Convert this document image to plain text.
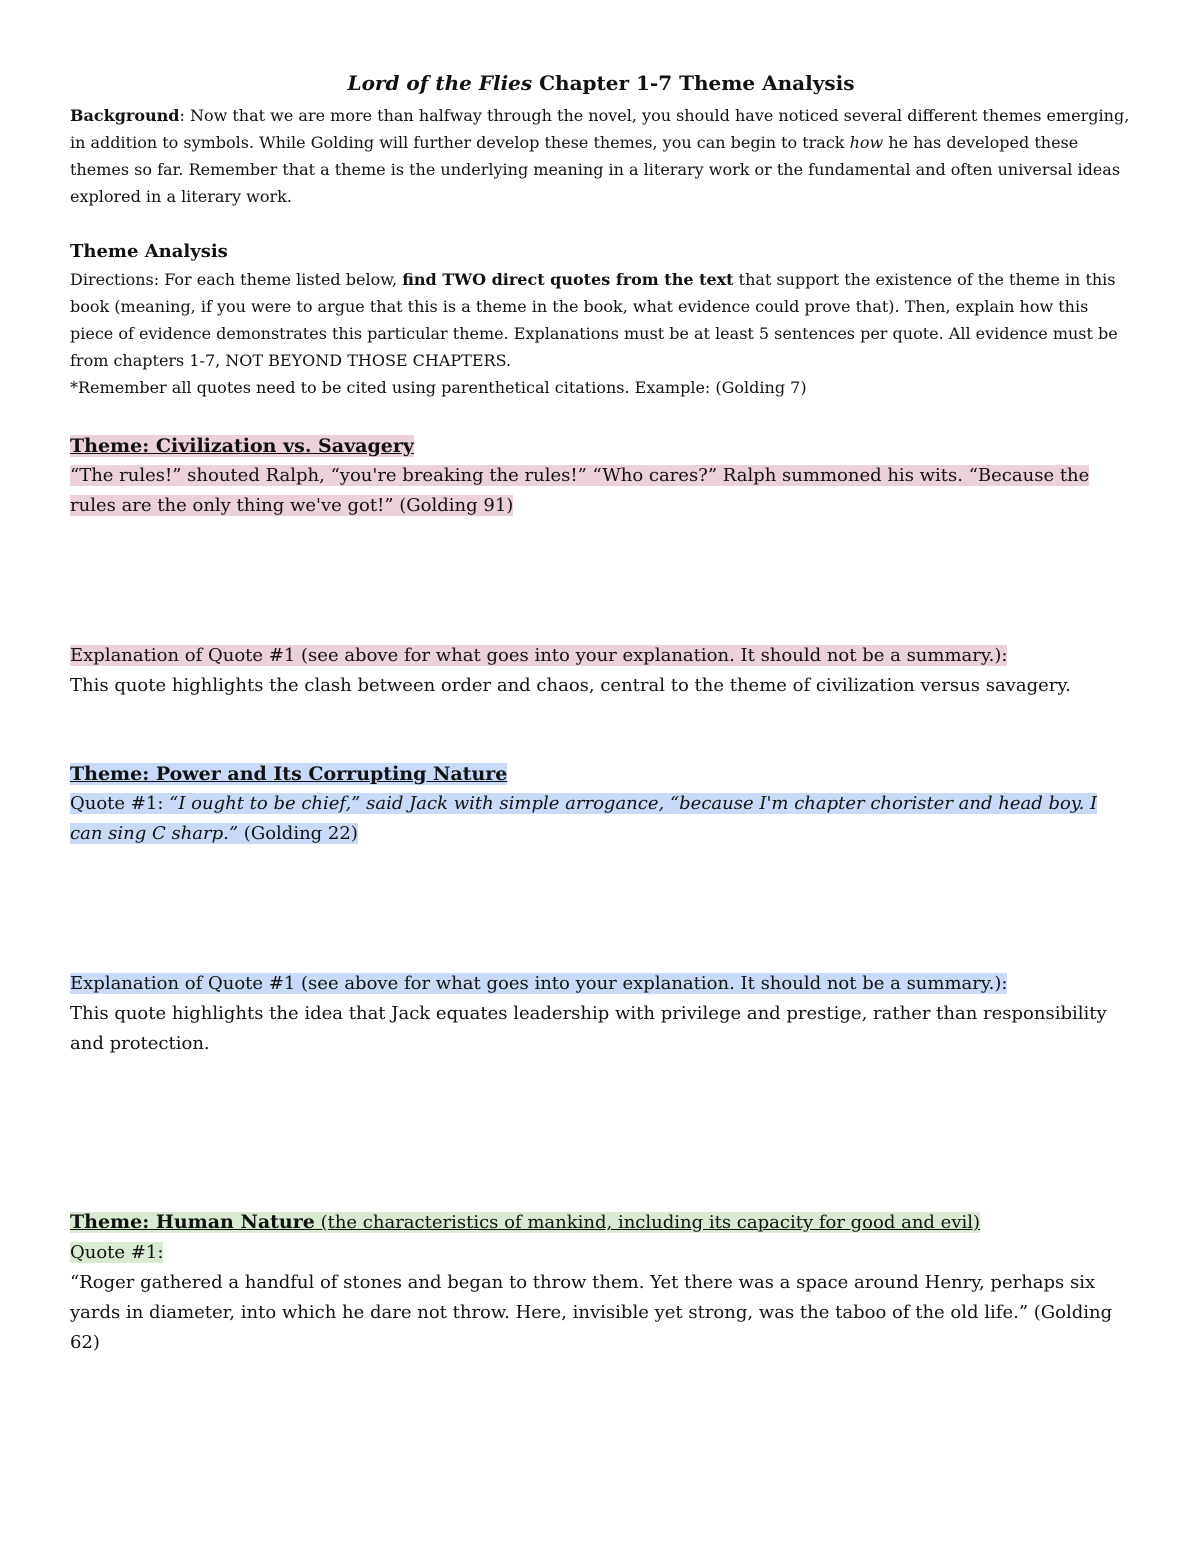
Lord of the Flies Chapter 1-7 Theme Analysis

Background: Now that we are more than halfway through the novel, you should have noticed several different themes emerging, in addition to symbols. While Golding will further develop these themes, you can begin to track how he has developed these themes so far. Remember that a theme is the underlying meaning in a literary work or the fundamental and often universal ideas explored in a literary work.

Theme Analysis

Directions: For each theme listed below, find TWO direct quotes from the text that support the existence of the theme in this book (meaning, if you were to argue that this is a theme in the book, what evidence could prove that). Then, explain how this piece of evidence demonstrates this particular theme. Explanations must be at least 5 sentences per quote. All evidence must be from chapters 1-7, NOT BEYOND THOSE CHAPTERS.

*Remember all quotes need to be cited using parenthetical citations. Example: (Golding 7)

Theme: Civilization vs. Savagery
“The rules!” shouted Ralph, “you're breaking the rules!” “Who cares?” Ralph summoned his wits. “Because the rules are the only thing we've got!” (Golding 91)
Explanation of Quote #1 (see above for what goes into your explanation. It should not be a summary.):
This quote highlights the clash between order and chaos, central to the theme of civilization versus savagery.
Theme: Power and Its Corrupting Nature
Quote #1: “I ought to be chief,” said Jack with simple arrogance, “because I'm chapter chorister and head boy. I can sing C sharp.” (Golding 22)
Explanation of Quote #1 (see above for what goes into your explanation. It should not be a summary.):
This quote highlights the idea that Jack equates leadership with privilege and prestige, rather than responsibility and protection.
Theme: Human Nature (the characteristics of mankind, including its capacity for good and evil)
Quote #1:
“Roger gathered a handful of stones and began to throw them. Yet there was a space around Henry, perhaps six yards in diameter, into which he dare not throw. Here, invisible yet strong, was the taboo of the old life.” (Golding 62)
